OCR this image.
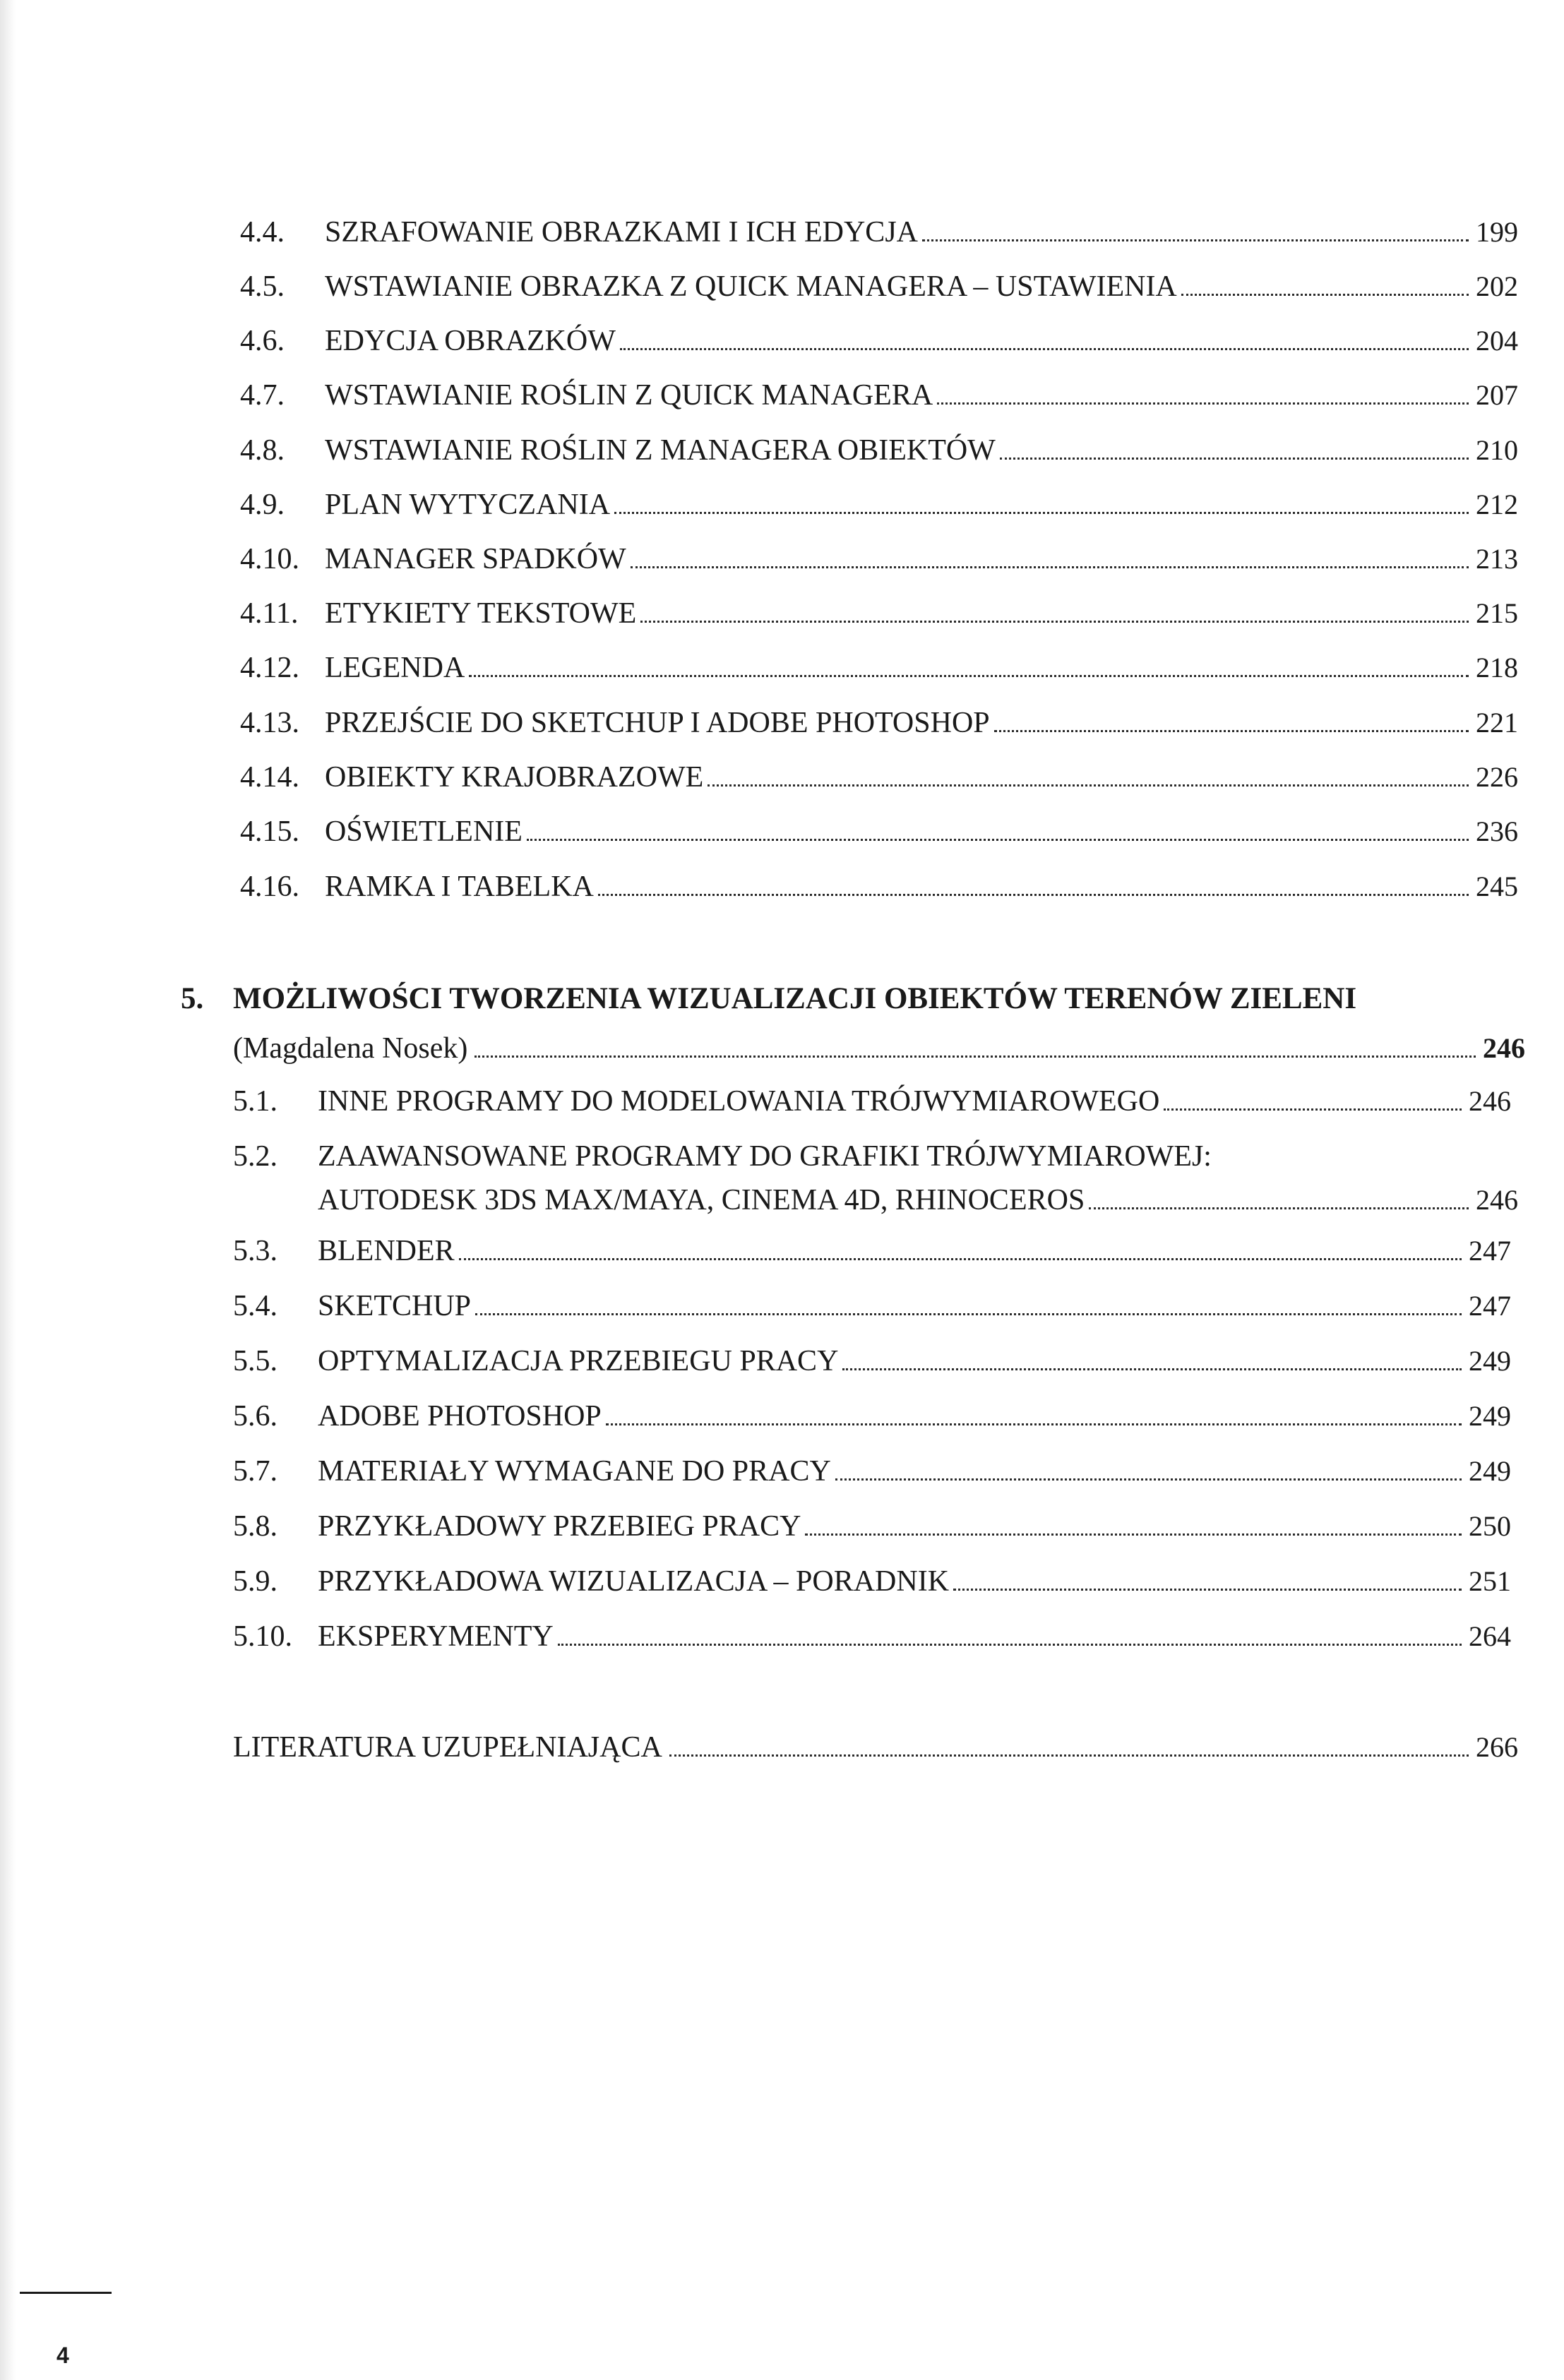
4.4. SZRAFOWANIE OBRAZKAMI I ICH EDYCJA	199
4.5. WSTAWIANIE OBRAZKA Z QUICK MANAGERA – USTAWIENIA	202
4.6. EDYCJA OBRAZKÓW	204
4.7. WSTAWIANIE ROŚLIN Z QUICK MANAGERA	207
4.8. WSTAWIANIE ROŚLIN Z MANAGERA OBIEKTÓW	210
4.9. PLAN WYTYCZANIA	212
4.10. MANAGER SPADKÓW	213
4.11. ETYKIETY TEKSTOWE	215
4.12. LEGENDA	218
4.13. PRZEJŚCIE DO SKETCHUP I ADOBE PHOTOSHOP	221
4.14. OBIEKTY KRAJOBRAZOWE	226
4.15. OŚWIETLENIE	236
4.16. RAMKA I TABELKA	245
5. MOŻLIWOŚCI TWORZENIA WIZUALIZACJI OBIEKTÓW TERENÓW ZIELENI
(Magdalena Nosek)	246
5.1. INNE PROGRAMY DO MODELOWANIA TRÓJWYMIAROWEGO	246
5.2. ZAAWANSOWANE PROGRAMY DO GRAFIKI TRÓJWYMIAROWEJ:
AUTODESK 3DS MAX/MAYA, CINEMA 4D, RHINOCEROS	246
5.3. BLENDER	247
5.4. SKETCHUP	247
5.5. OPTYMALIZACJA PRZEBIEGU PRACY	249
5.6. ADOBE PHOTOSHOP	249
5.7. MATERIAŁY WYMAGANE DO PRACY	249
5.8. PRZYKŁADOWY PRZEBIEG PRACY	250
5.9. PRZYKŁADOWA WIZUALIZACJA – PORADNIK	251
5.10. EKSPERYMENTY	264
LITERATURA UZUPEŁNIAJĄCA	266
4
